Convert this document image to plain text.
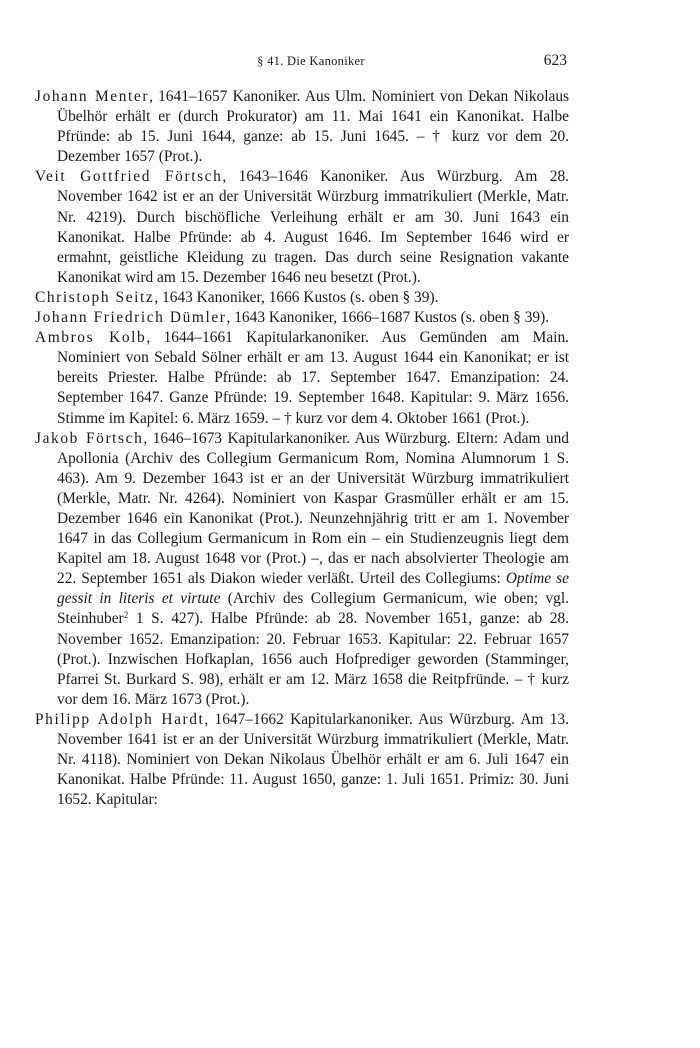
§ 41. Die Kanoniker	623

Johann Menter, 1641–1657 Kanoniker. Aus Ulm. Nominiert von Dekan Nikolaus Übelhör erhält er (durch Prokurator) am 11. Mai 1641 ein Kanonikat. Halbe Pfründe: ab 15. Juni 1644, ganze: ab 15. Juni 1645. – † kurz vor dem 20. Dezember 1657 (Prot.).

Veit Gottfried Förtsch, 1643–1646 Kanoniker. Aus Würzburg. Am 28. November 1642 ist er an der Universität Würzburg immatrikuliert (Merkle, Matr. Nr. 4219). Durch bischöfliche Verleihung erhält er am 30. Juni 1643 ein Kanonikat. Halbe Pfründe: ab 4. August 1646. Im September 1646 wird er ermahnt, geistliche Kleidung zu tragen. Das durch seine Resignation vakante Kanonikat wird am 15. Dezember 1646 neu besetzt (Prot.).

Christoph Seitz, 1643 Kanoniker, 1666 Kustos (s. oben § 39).

Johann Friedrich Dümler, 1643 Kanoniker, 1666–1687 Kustos (s. oben § 39).

Ambros Kolb, 1644–1661 Kapitularkanoniker. Aus Gemünden am Main. Nominiert von Sebald Sölner erhält er am 13. August 1644 ein Kanonikat; er ist bereits Priester. Halbe Pfründe: ab 17. September 1647. Emanzipation: 24. September 1647. Ganze Pfründe: 19. September 1648. Kapitular: 9. März 1656. Stimme im Kapitel: 6. März 1659. – † kurz vor dem 4. Oktober 1661 (Prot.).

Jakob Förtsch, 1646–1673 Kapitularkanoniker. Aus Würzburg. Eltern: Adam und Apollonia (Archiv des Collegium Germanicum Rom, Nomina Alumnorum 1 S. 463). Am 9. Dezember 1643 ist er an der Universität Würzburg immatrikuliert (Merkle, Matr. Nr. 4264). Nominiert von Kaspar Grasmüller erhält er am 15. Dezember 1646 ein Kanonikat (Prot.). Neunzehnjährig tritt er am 1. November 1647 in das Collegium Germanicum in Rom ein – ein Studienzeugnis liegt dem Kapitel am 18. August 1648 vor (Prot.) –, das er nach absolvierter Theologie am 22. September 1651 als Diakon wieder verläßt. Urteil des Collegiums: Optime se gessit in literis et virtute (Archiv des Collegium Germanicum, wie oben; vgl. Steinhuber$^2$ 1 S. 427). Halbe Pfründe: ab 28. November 1651, ganze: ab 28. November 1652. Emanzipation: 20. Februar 1653. Kapitular: 22. Februar 1657 (Prot.). Inzwischen Hofkaplan, 1656 auch Hofprediger geworden (Stamminger, Pfarrei St. Burkard S. 98), erhält er am 12. März 1658 die Reitpfründe. – † kurz vor dem 16. März 1673 (Prot.).

Philipp Adolph Hardt, 1647–1662 Kapitularkanoniker. Aus Würzburg. Am 13. November 1641 ist er an der Universität Würzburg immatrikuliert (Merkle, Matr. Nr. 4118). Nominiert von Dekan Nikolaus Übelhör erhält er am 6. Juli 1647 ein Kanonikat. Halbe Pfründe: 11. August 1650, ganze: 1. Juli 1651. Primiz: 30. Juni 1652. Kapitular:
